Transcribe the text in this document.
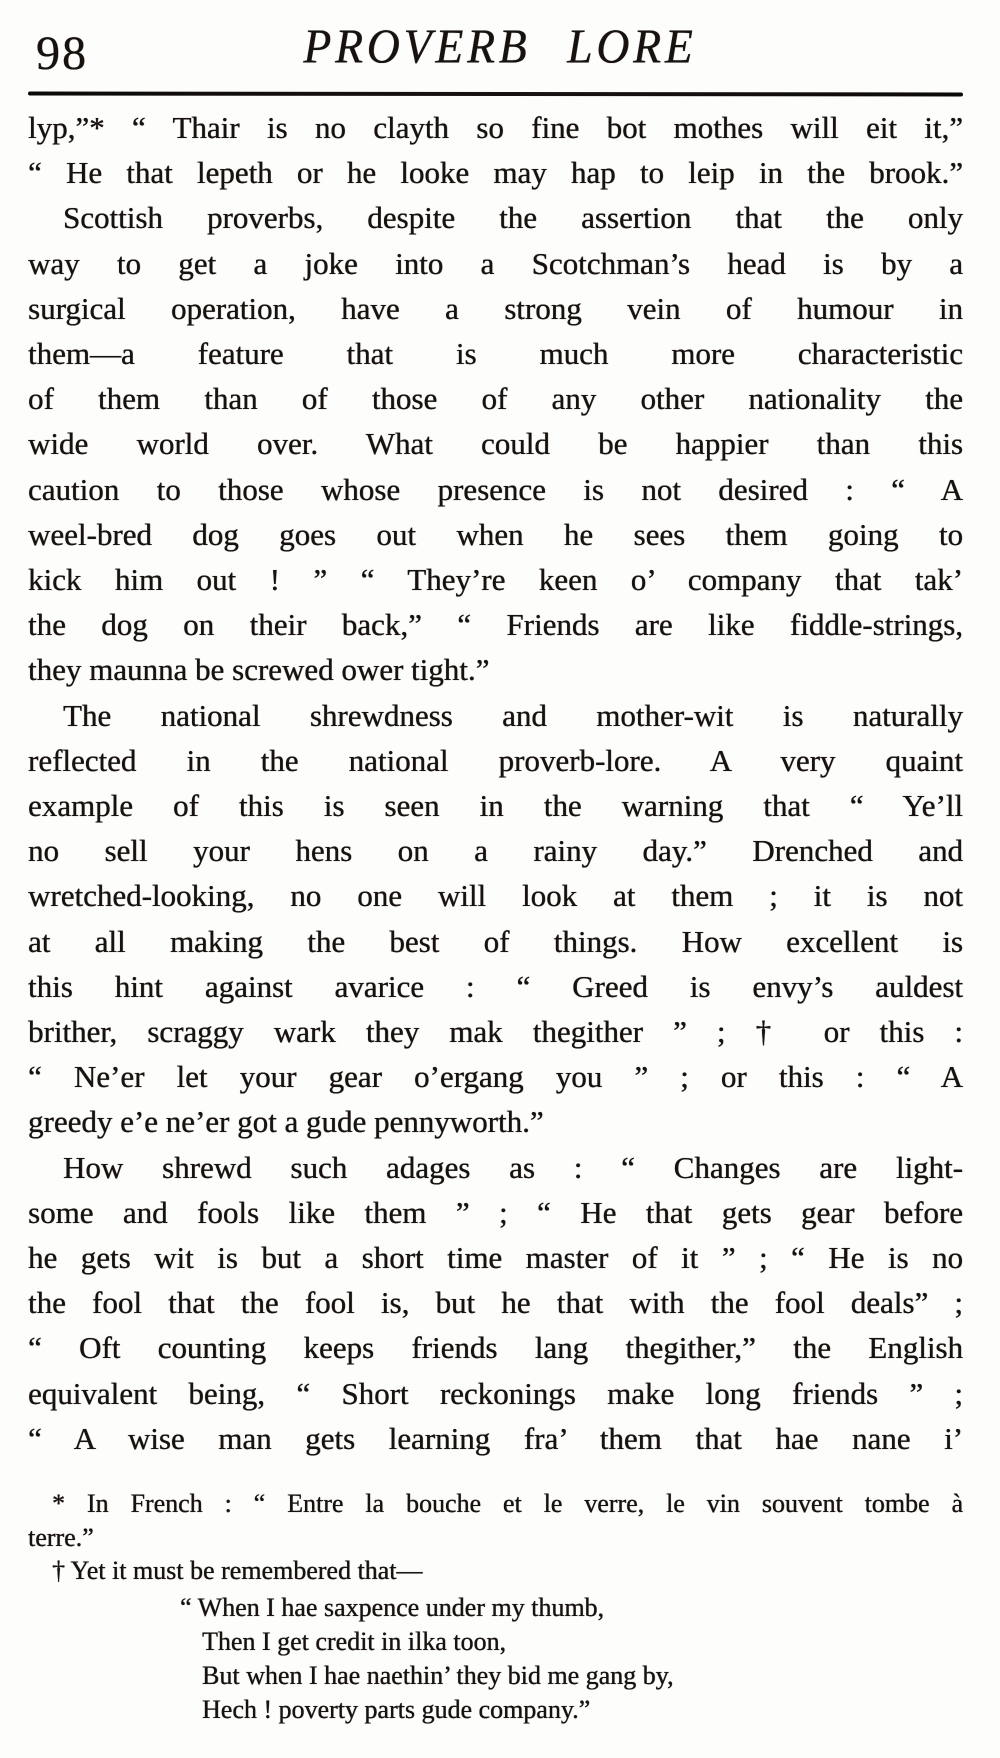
98	PROVERB LORE
lyp,”* “ Thair is no clayth so fine bot mothes will eit it,”
“ He that lepeth or he looke may hap to leip in the brook.”
Scottish proverbs, despite the assertion that the only
way to get a joke into a Scotchman’s head is by a
surgical operation, have a strong vein of humour in
them—a feature that is much more characteristic
of them than of those of any other nationality the
wide world over. What could be happier than this
caution to those whose presence is not desired : “ A
weel-bred dog goes out when he sees them going to
kick him out ! ” “ They’re keen o’ company that tak’
the dog on their back,” “ Friends are like fiddle-strings,
they maunna be screwed ower tight.”
The national shrewdness and mother-wit is naturally
reflected in the national proverb-lore. A very quaint
example of this is seen in the warning that “ Ye’ll
no sell your hens on a rainy day.” Drenched and
wretched-looking, no one will look at them ; it is not
at all making the best of things. How excellent is
this hint against avarice : “ Greed is envy’s auldest
brither, scraggy wark they mak thegither ” ; † or this :
“ Ne’er let your gear o’ergang you ” ; or this : “ A
greedy e’e ne’er got a gude pennyworth.”
How shrewd such adages as : “ Changes are light-
some and fools like them ” ; “ He that gets gear before
he gets wit is but a short time master of it ” ; “ He is no
the fool that the fool is, but he that with the fool deals” ;
“ Oft counting keeps friends lang thegither,” the English
equivalent being, “ Short reckonings make long friends ” ;
“ A wise man gets learning fra’ them that hae nane i’
* In French : “ Entre la bouche et le verre, le vin souvent tombe à
terre.”
† Yet it must be remembered that—
“ When I hae saxpence under my thumb,
Then I get credit in ilka toon,
But when I hae naethin’ they bid me gang by,
Hech ! poverty parts gude company.”
